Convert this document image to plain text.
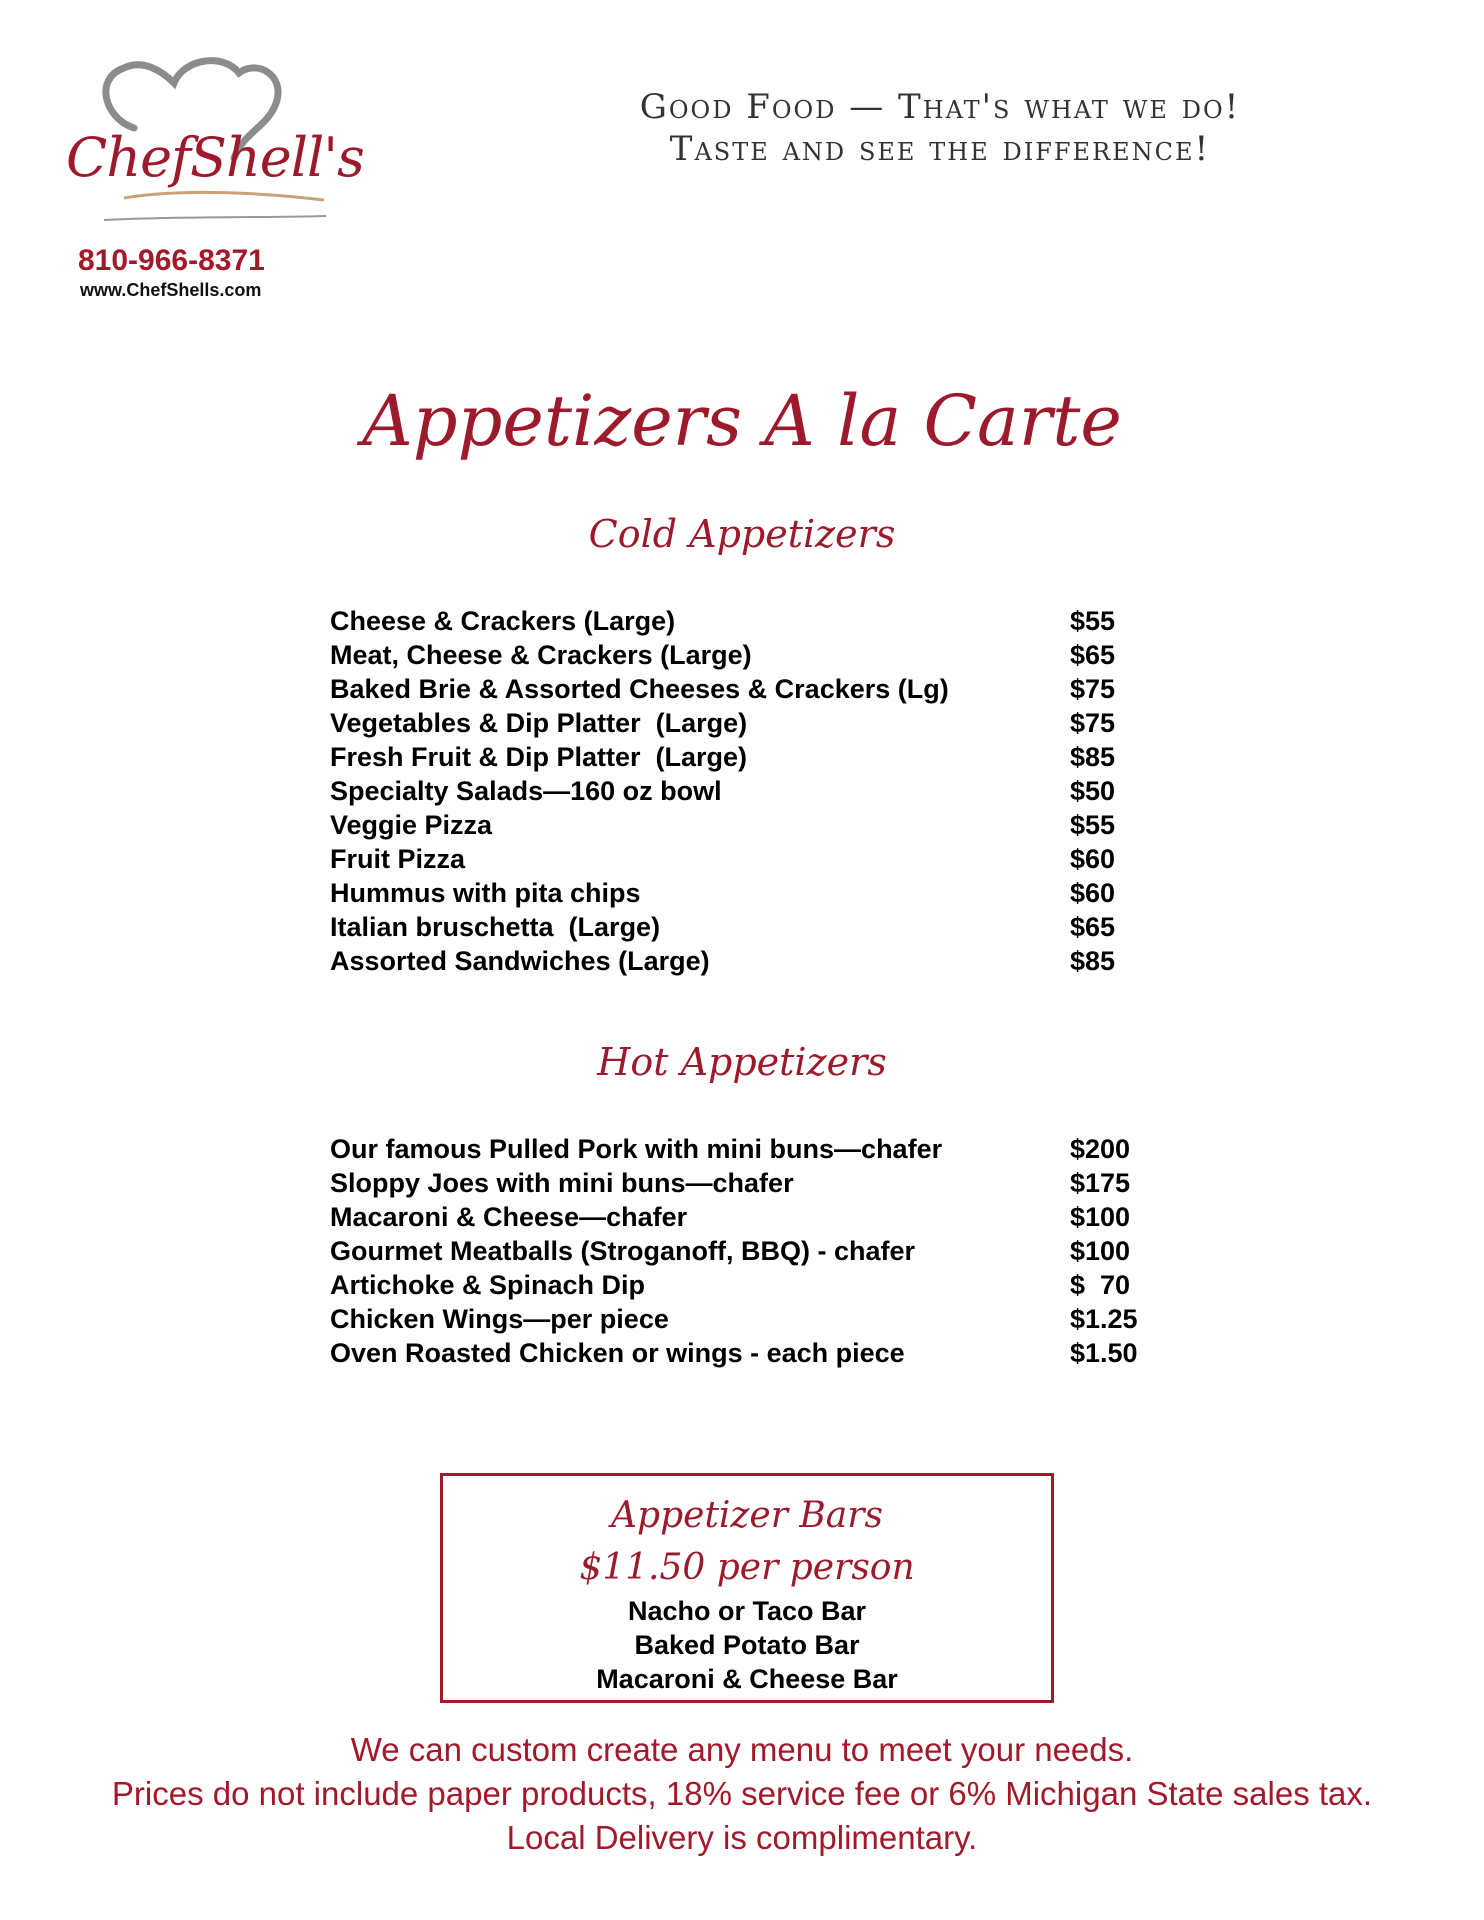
ChefShell's
810-966-8371
www.ChefShells.com
Good Food — That's what we do!
Taste and see the difference!
Appetizers A la Carte
Cold Appetizers
Cheese & Crackers (Large)	$55
Meat, Cheese & Crackers (Large)	$65
Baked Brie & Assorted Cheeses & Crackers (Lg)	$75
Vegetables & Dip Platter  (Large)	$75
Fresh Fruit & Dip Platter  (Large)	$85
Specialty Salads—160 oz bowl	$50
Veggie Pizza	$55
Fruit Pizza	$60
Hummus with pita chips	$60
Italian bruschetta  (Large)	$65
Assorted Sandwiches (Large)	$85
Hot Appetizers
Our famous Pulled Pork with mini buns—chafer	$200
Sloppy Joes with mini buns—chafer	$175
Macaroni & Cheese—chafer	$100
Gourmet Meatballs (Stroganoff, BBQ) - chafer	$100
Artichoke & Spinach Dip	$  70
Chicken Wings—per piece	$1.25
Oven Roasted Chicken or wings - each piece	$1.50
Appetizer Bars
$11.50 per person
Nacho or Taco Bar
Baked Potato Bar
Macaroni & Cheese Bar
We can custom create any menu to meet your needs.
Prices do not include paper products, 18% service fee or 6% Michigan State sales tax.
Local Delivery is complimentary.
